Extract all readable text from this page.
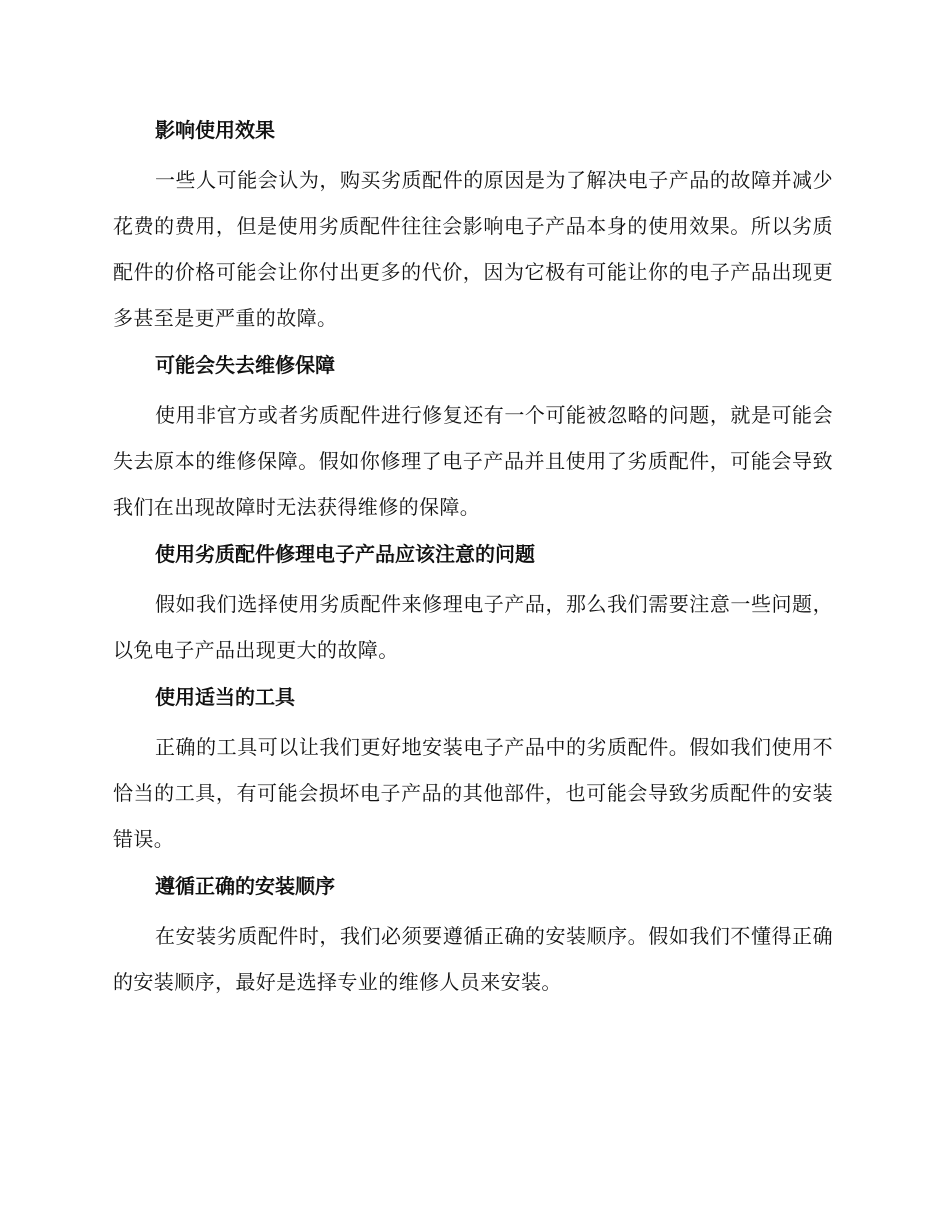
影响使用效果

一些人可能会认为，购买劣质配件的原因是为了解决电子产品的故障并减少花费的费用，但是使用劣质配件往往会影响电子产品本身的使用效果。所以劣质配件的价格可能会让你付出更多的代价，因为它极有可能让你的电子产品出现更多甚至是更严重的故障。

可能会失去维修保障

使用非官方或者劣质配件进行修复还有一个可能被忽略的问题，就是可能会失去原本的维修保障。假如你修理了电子产品并且使用了劣质配件，可能会导致我们在出现故障时无法获得维修的保障。

使用劣质配件修理电子产品应该注意的问题

假如我们选择使用劣质配件来修理电子产品，那么我们需要注意一些问题，以免电子产品出现更大的故障。

使用适当的工具

正确的工具可以让我们更好地安装电子产品中的劣质配件。假如我们使用不恰当的工具，有可能会损坏电子产品的其他部件，也可能会导致劣质配件的安装错误。

遵循正确的安装顺序

在安装劣质配件时，我们必须要遵循正确的安装顺序。假如我们不懂得正确的安装顺序，最好是选择专业的维修人员来安装。
